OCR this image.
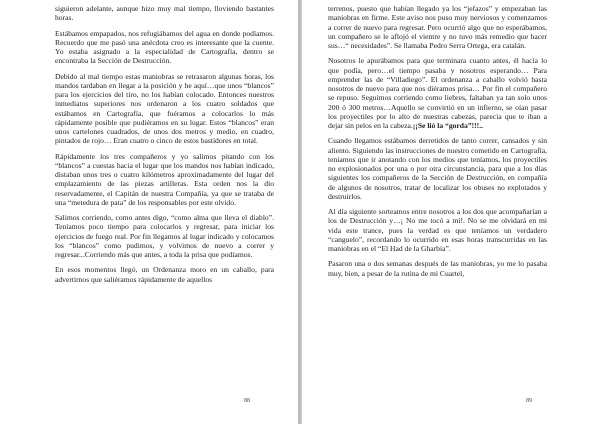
siguieron adelante, aunque hizo muy mal tiempo, lloviendo bastantes horas.

Estábamos empapados, nos refugiábamos del agua en donde podíamos. Recuerdo que me pasó una anécdota creo es interesante que la cuente. Yo estaba asignado a la especialidad de Cartografía, dentro se encontraba la Sección de Destrucción.

Debido al mal tiempo estas maniobras se retrasaron algunas horas, los mandos tardaban en llegar a la posición y he aquí…que unos “blancos” para los ejercicios del tiro, no los habían colocado. Entonces nuestros inmediatos superiores nos ordenaron a los cuatro soldados que estábamos en Cartografía, que fuéramos a colocarlos lo más rápidamente posible que pudiéramos en su lugar. Estos “blancos” eran unos cartelones cuadrados, de unos dos metros y medio, en cuadro, pintados de rojo… Eran cuatro o cinco de estos bastidores en total.

Rápidamente los tres compañeros y yo salimos pitando con los “blancos” a cuestas hacia el lugar que los mandos nos habían indicado, distaban unos tres o cuatro kilómetros aproximadamente del lugar del emplazamiento de las piezas artilleras. Esta orden nos la dio reservadamente, el Capitán de nuestra Compañía, ya que se trataba de una “metedura de pata” de los responsables por este olvido.

Salimos corriendo, como antes digo, “como alma que lleva el diablo”. Teníamos poco tiempo para colocarlos y regresar, para iniciar los ejercicios de fuego real. Por fin llegamos al lugar indicado y colocamos los “blancos” como pudimos, y volvimos de nuevo a correr y regresar...Corriendo más que antes, a toda la prisa que podíamos.

En esos momentos llegó, un Ordenanza moro en un caballo, para advertirnos que saliéramos rápidamente de aquellos

88

terrenos, puesto que habían llegado ya los “jefazos” y empezaban las maniobras en firme. Este aviso nos puso muy nerviosos y comenzamos a correr de nuevo para regresar. Pero ocurrió algo que no esperábamos, un compañero se le aflojó el vientre y no tuvo más remedio que hacer sus…“ necesidades”. Se llamaba Pedro Serra Ortega, era catalán.

Nosotros le apurábamos para que terminara cuanto antes, él hacía lo que podía, pero…el tiempo pasaba y nosotros esperando… Para emprender las de “Villadiego”. El ordenanza a caballo volvió hasta nosotros de nuevo para que nos diéramos prisa… Por fin el compañero se repuso. Seguimos corriendo como liebres, faltaban ya tan solo unos 200 ó 300 metros…Aquello se convirtió en un infierno, se oían pasar los proyectiles por lo alto de nuestras cabezas, parecía que te iban a dejar sin pelos en la cabeza.¡¡Se lió la “gorda”!!!..

Cuando llegamos estábamos derretidos de tanto correr, cansados y sin aliento. Siguiendo las instrucciones de nuestro cometido en Cartografía, teníamos que ir anotando con los medios que teníamos, los proyectiles no explosionados por una o por otra circunstancia, para que a los días siguientes los compañeros de la Sección de Destrucción, en compañía de algunos de nosotros, tratar de localizar los obuses no explotados y destruirlos.

Al día siguiente sorteamos entre nosotros a los dos que acompañarían a los de Destrucción y…¡ No me tocó a mí!. No se me olvidará en mi vida este trance, pues la verdad es que teníamos un verdadero “canguelo”, recordando lo ocurrido en esas horas transcurridas en las maniobras en el “El Had de la Gharbia”.

Pasaron una o dos semanas después de las maniobras, yo me lo pasaba muy, bien, a pesar de la rutina de mi Cuartel,

89
